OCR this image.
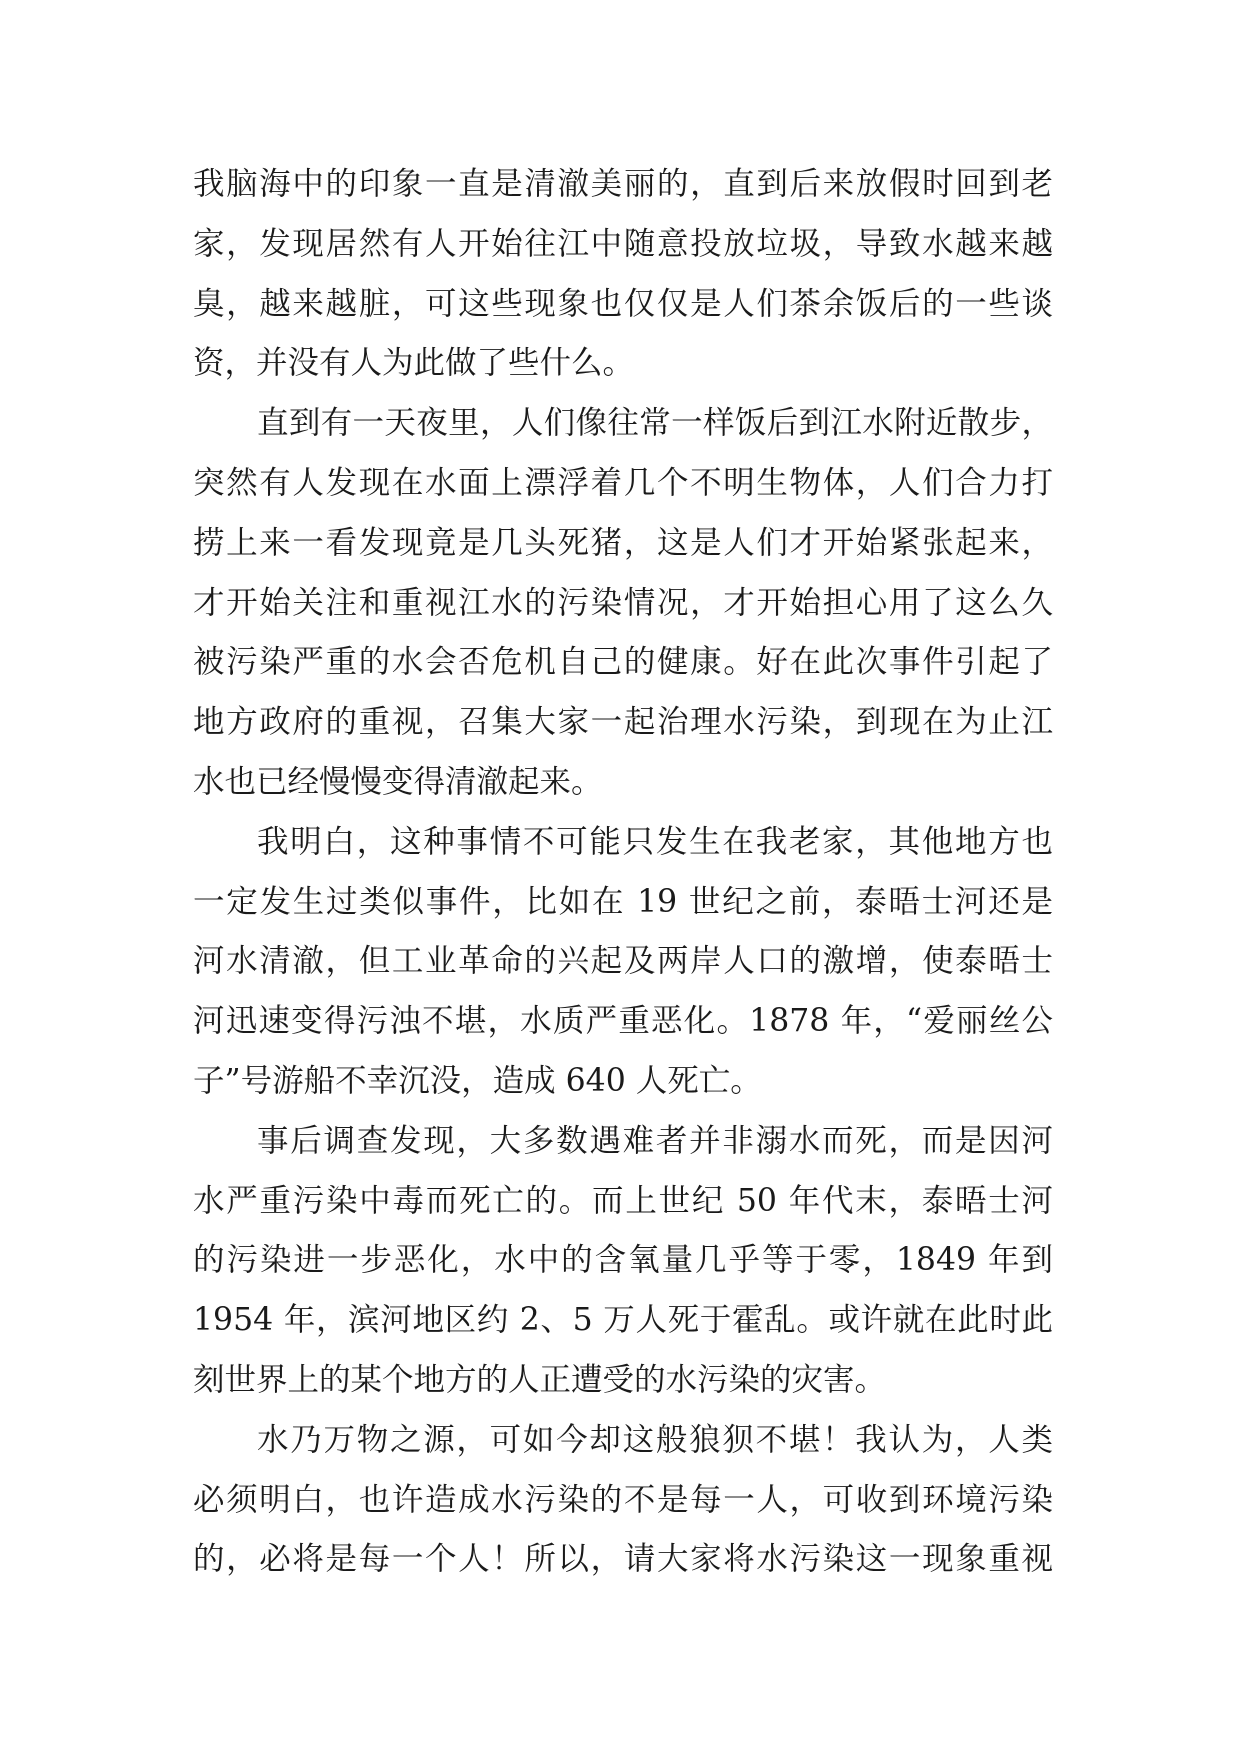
我脑海中的印象一直是清澈美丽的，直到后来放假时回到老
家，发现居然有人开始往江中随意投放垃圾，导致水越来越
臭，越来越脏，可这些现象也仅仅是人们茶余饭后的一些谈
资，并没有人为此做了些什么。
直到有一天夜里，人们像往常一样饭后到江水附近散步，
突然有人发现在水面上漂浮着几个不明生物体，人们合力打
捞上来一看发现竟是几头死猪，这是人们才开始紧张起来，
才开始关注和重视江水的污染情况，才开始担心用了这么久
被污染严重的水会否危机自己的健康。好在此次事件引起了
地方政府的重视，召集大家一起治理水污染，到现在为止江
水也已经慢慢变得清澈起来。
我明白，这种事情不可能只发生在我老家，其他地方也
一定发生过类似事件，比如在 19 世纪之前，泰晤士河还是
河水清澈，但工业革命的兴起及两岸人口的激增，使泰晤士
河迅速变得污浊不堪，水质严重恶化。1878 年，“爱丽丝公
子”号游船不幸沉没，造成 640 人死亡。
事后调查发现，大多数遇难者并非溺水而死，而是因河
水严重污染中毒而死亡的。而上世纪 50 年代末，泰晤士河
的污染进一步恶化，水中的含氧量几乎等于零，1849 年到
1954 年，滨河地区约 2、5 万人死于霍乱。或许就在此时此
刻世界上的某个地方的人正遭受的水污染的灾害。
水乃万物之源，可如今却这般狼狈不堪！我认为，人类
必须明白，也许造成水污染的不是每一人，可收到环境污染
的，必将是每一个人！所以，请大家将水污染这一现象重视
